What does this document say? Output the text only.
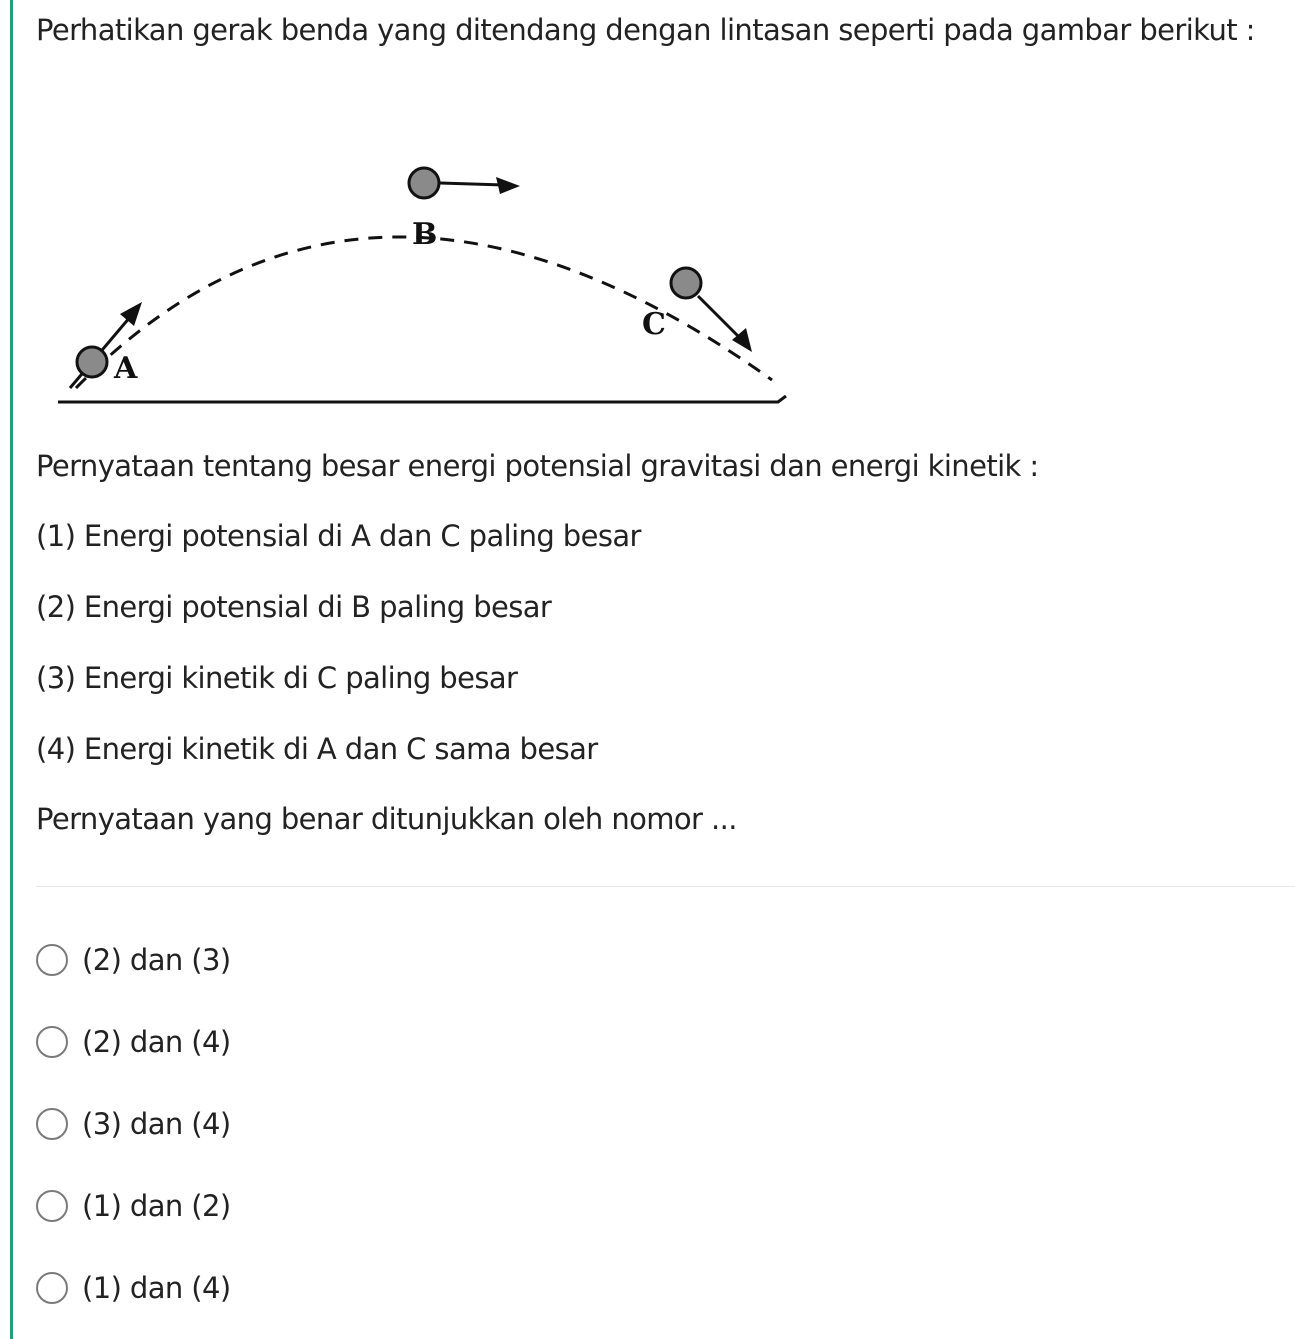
Perhatikan gerak benda yang ditendang dengan lintasan seperti pada gambar berikut :
A
B
C
Pernyataan tentang besar energi potensial gravitasi dan energi kinetik :
(1) Energi potensial di A dan C paling besar
(2) Energi potensial di B paling besar
(3) Energi kinetik di C paling besar
(4) Energi kinetik di A dan C sama besar
Pernyataan yang benar ditunjukkan oleh nomor ...
(2) dan (3)
(2) dan (4)
(3) dan (4)
(1) dan (2)
(1) dan (4)
